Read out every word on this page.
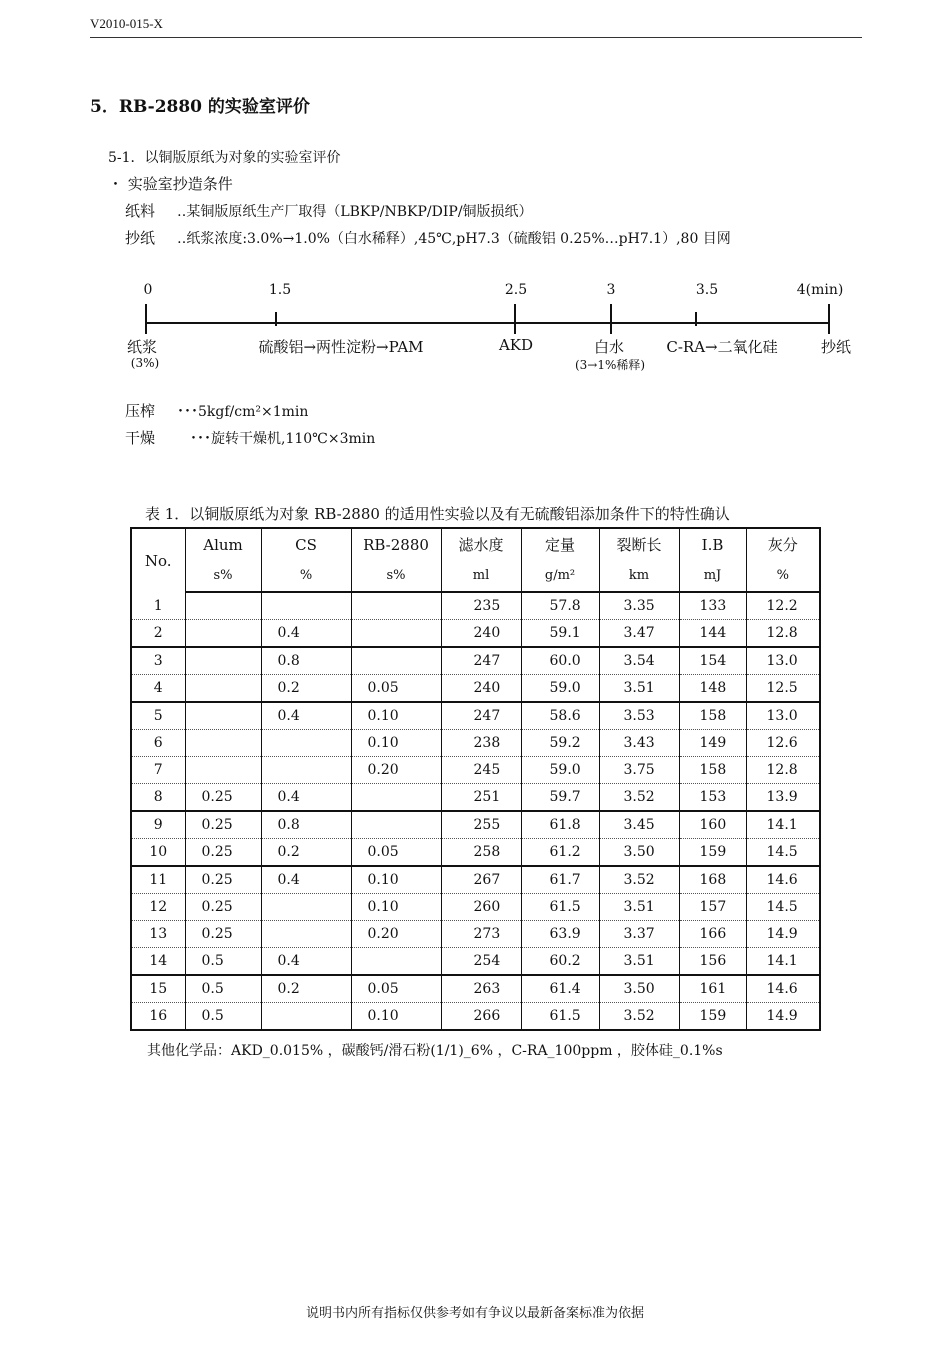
V2010-015-X
5．RB-2880 的实验室评价
5-1．以铜版原纸为对象的实验室评价
・ 实验室抄造条件
纸料 ‥某铜版原纸生产厂取得（LBKP/NBKP/DIP/铜版损纸）
抄纸 ‥纸浆浓度:3.0%→1.0%（白水稀释）,45℃,pH7.3（硫酸铝 0.25%…pH7.1）,80 目网
0	1.5	2.5	3	3.5	4(min)
纸浆
(3%)
硫酸铝→两性淀粉→PAM	AKD	白水
(3→1%稀释)
C-RA→二氧化硅	抄纸
压榨 ･･･5kgf/cm²×1min
干燥 ･･･旋转干燥机,110℃×3min
表 1．以铜版原纸为对象 RB-2880 的适用性实验以及有无硫酸铝添加条件下的特性确认
No.	Alum	CS	RB-2880	滤水度	定量	裂断长	I.B	灰分
	s%	%	s%	ml	g/m²	km	mJ	%
1				235	57.8	3.35	133	12.2
2		0.4		240	59.1	3.47	144	12.8
3		0.8		247	60.0	3.54	154	13.0
4		0.2	0.05	240	59.0	3.51	148	12.5
5		0.4	0.10	247	58.6	3.53	158	13.0
6			0.10	238	59.2	3.43	149	12.6
7			0.20	245	59.0	3.75	158	12.8
8	0.25	0.4		251	59.7	3.52	153	13.9
9	0.25	0.8		255	61.8	3.45	160	14.1
10	0.25	0.2	0.05	258	61.2	3.50	159	14.5
11	0.25	0.4	0.10	267	61.7	3.52	168	14.6
12	0.25		0.10	260	61.5	3.51	157	14.5
13	0.25		0.20	273	63.9	3.37	166	14.9
14	0.5	0.4		254	60.2	3.51	156	14.1
15	0.5	0.2	0.05	263	61.4	3.50	161	14.6
16	0.5		0.10	266	61.5	3.52	159	14.9
其他化学品：AKD_0.015% ，碳酸钙/滑石粉(1/1)_6% ，C-RA_100ppm ，胶体硅_0.1%s
说明书内所有指标仅供参考如有争议以最新备案标准为依据
